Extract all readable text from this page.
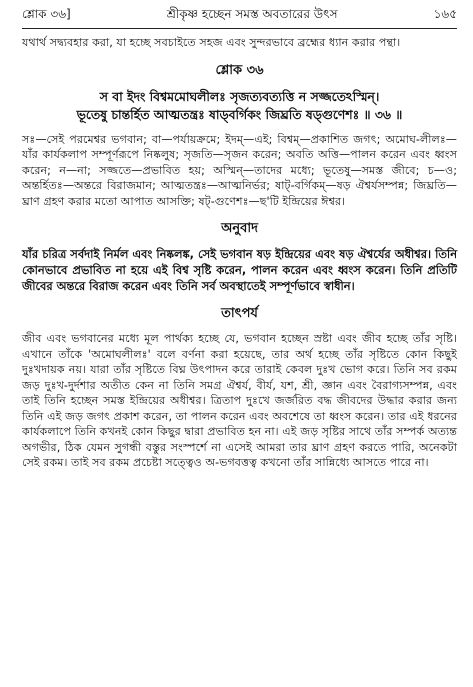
শ্লোক ৩৬]	শ্রীকৃষ্ণ হচ্ছেন সমস্ত অবতারের উৎস	১৬৫

যথার্থ সদ্ব্যবহার করা, যা হচ্ছে সবচাইতে সহজ এবং সুন্দরভাবে ব্রহ্মের ধ্যান করার পন্থা।

শ্লোক ৩৬
স বা ইদং বিশ্বমমোঘলীলঃ সৃজত্যবত্যত্তি ন সজ্জতেঽস্মিন্।
ভূতেষু চান্তর্হিত আত্মতন্ত্রঃ ষাড্‌বর্গিকং জিঘ্রতি ষড্‌গুণেশঃ ॥ ৩৬ ॥

সঃ—সেই পরমেশ্বর ভগবান; বা—পর্যায়ক্রমে; ইদম্—এই; বিশ্বম্—প্রকাশিত জগৎ; অমোঘ-লীলঃ—যাঁর কার্যকলাপ সম্পূর্ণরূপে নিষ্কলুষ; সৃজতি—সৃজন করেন; অবতি অত্তি—পালন করেন এবং ধ্বংস করেন; ন—না; সজ্জতে—প্রভাবিত হয়; অস্মিন্—তাদের মধ্যে; ভূতেষু—সমস্ত জীবে; চ—ও; অন্তর্হিতঃ—অন্তরে বিরাজমান; আত্মতন্ত্রঃ—আত্মনির্ভর; ষাট্-বর্গিকম্—ষড় ঐশ্বর্যসম্পন্ন; জিঘ্রতি—ঘ্রাণ গ্রহণ করার মতো আপাত আসক্তি; ষট্-গুণেশঃ—ছ'টি ইন্দ্রিয়ের ঈশ্বর।

অনুবাদ

যাঁর চরিত্র সর্বদাই নির্মল এবং নিষ্কলঙ্ক, সেই ভগবান ষড় ইন্দ্রিয়ের এবং ষড় ঐশ্বর্যের অধীশ্বর। তিনি কোনভাবে প্রভাবিত না হয়ে এই বিশ্ব সৃষ্টি করেন, পালন করেন এবং ধ্বংস করেন। তিনি প্রতিটি জীবের অন্তরে বিরাজ করেন এবং তিনি সর্ব অবস্থাতেই সম্পূর্ণভাবে স্বাধীন।

তাৎপর্য

জীব এবং ভগবানের মধ্যে মূল পার্থক্য হচ্ছে যে, ভগবান হচ্ছেন স্রষ্টা এবং জীব হচ্ছে তাঁর সৃষ্টি। এখানে তাঁকে 'অমোঘলীলঃ' বলে বর্ণনা করা হয়েছে, তার অর্থ হচ্ছে তাঁর সৃষ্টিতে কোন কিছুই দুঃখদায়ক নয়। যারা তাঁর সৃষ্টিতে বিঘ্ন উৎপাদন করে তারাই কেবল দুঃখ ভোগ করে। তিনি সব রকম জড় দুঃখ-দুর্দশার অতীত কেন না তিনি সমগ্র ঐশ্বর্য, বীর্য, যশ, শ্রী, জ্ঞান এবং বৈরাগ্যসম্পন্ন, এবং তাই তিনি হচ্ছেন সমস্ত ইন্দ্রিয়ের অধীশ্বর। ত্রিতাপ দুঃখে জর্জরিত বদ্ধ জীবদের উদ্ধার করার জন্য তিনি এই জড় জগৎ প্রকাশ করেন, তা পালন করেন এবং অবশেষে তা ধ্বংস করেন। তার এই ধরনের কার্যকলাপে তিনি কখনই কোন কিছুর দ্বারা প্রভাবিত হন না। এই জড় সৃষ্টির সাথে তাঁর সম্পর্ক অত্যন্ত অগভীর, ঠিক যেমন সুগন্ধী বস্তুর সংস্পর্শে না এসেই আমরা তার ঘ্রাণ গ্রহণ করতে পারি, অনেকটা সেই রকম। তাই সব রকম প্রচেষ্টা সত্ত্বেও অ-ভগবত্তত্ব কখনো তাঁর সান্নিধ্যে আসতে পারে না।
